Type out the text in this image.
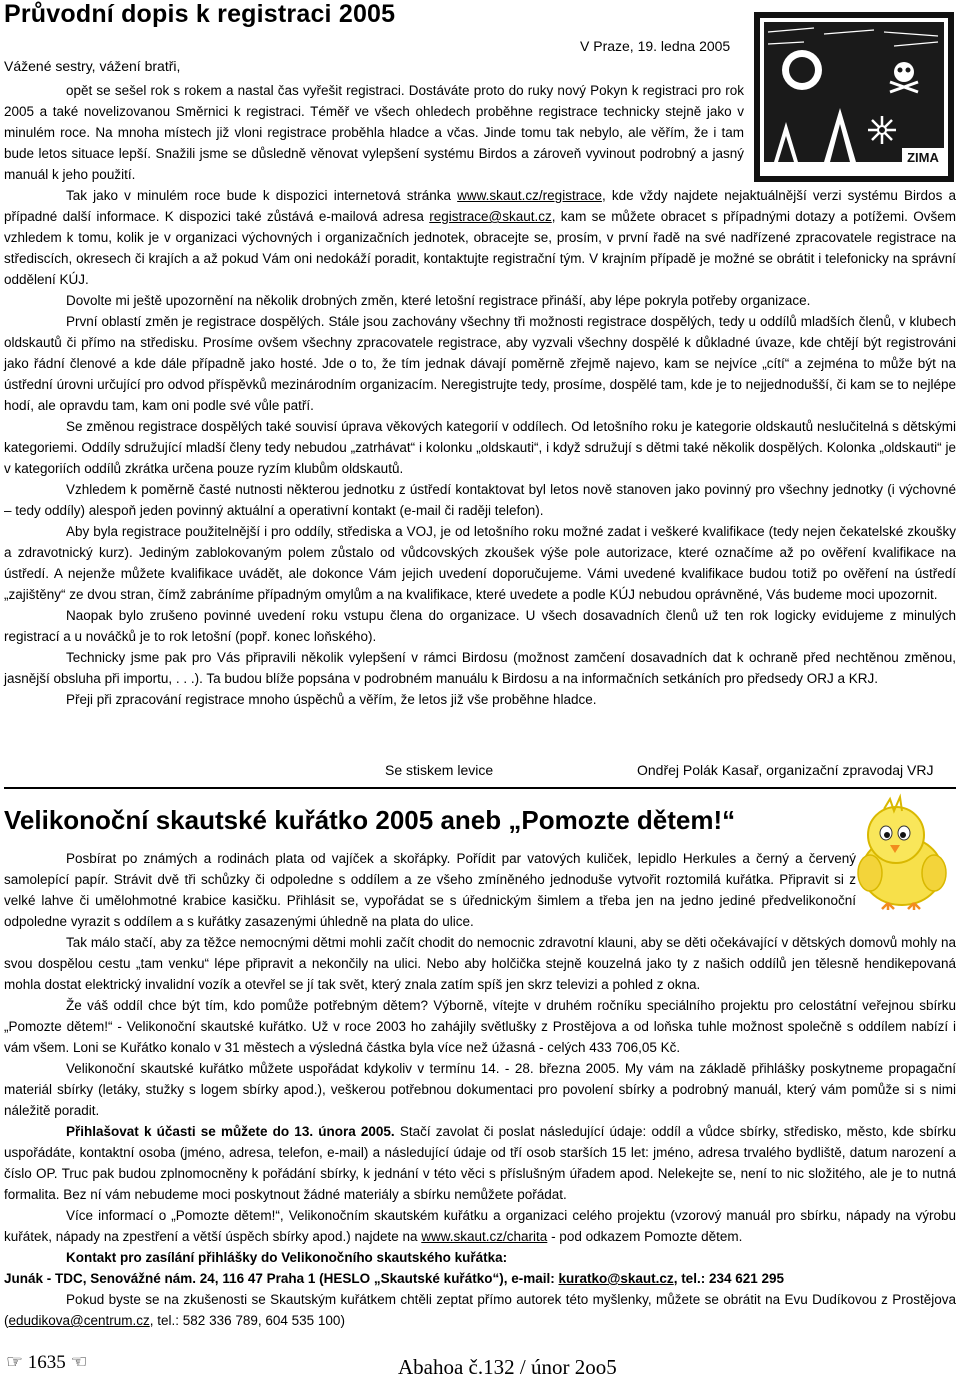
Průvodní dopis k registraci 2005
V Praze, 19. ledna 2005
Vážené sestry, vážení bratři,
ZIMA

opět se sešel rok s rokem a nastal čas vyřešit registraci. Dostáváte proto do ruky nový Pokyn k registraci pro rok 2005 a také novelizovanou Směrnici k registraci. Téměř ve všech ohledech proběhne registrace technicky stejně jako v minulém roce. Na mnoha místech již vloni registrace proběhla hladce a včas. Jinde tomu tak nebylo, ale věřím, že i tam bude letos situace lepší. Snažili jsme se důsledně věnovat vylepšení systému Birdos a zároveň vyvinout podrobný a jasný manuál k jeho použití.

Tak jako v minulém roce bude k dispozici internetová stránka www.skaut.cz/registrace, kde vždy najdete nejaktuálnější verzi systému Birdos a případné další informace. K dispozici také zůstává e-mailová adresa registrace@skaut.cz, kam se můžete obracet s případnými dotazy a potížemi. Ovšem vzhledem k tomu, kolik je v organizaci výchovných i organizačních jednotek, obracejte se, prosím, v první řadě na své nadřízené zpracovatele registrace na střediscích, okresech či krajích a až pokud Vám oni nedokáží poradit, kontaktujte registrační tým. V krajním případě je možné se obrátit i telefonicky na správní oddělení KÚJ.

Dovolte mi ještě upozornění na několik drobných změn, které letošní registrace přináší, aby lépe pokryla potřeby organizace.

První oblastí změn je registrace dospělých. Stále jsou zachovány všechny tři možnosti registrace dospělých, tedy u oddílů mladších členů, v klubech oldskautů či přímo na středisku. Prosíme ovšem všechny zpracovatele registrace, aby vyzvali všechny dospělé k důkladné úvaze, kde chtějí být registrováni jako řádní členové a kde dále případně jako hosté. Jde o to, že tím jednak dávají poměrně zřejmě najevo, kam se nejvíce „cítí“ a zejména to může být na ústřední úrovni určující pro odvod příspěvků mezinárodním organizacím. Neregistrujte tedy, prosíme, dospělé tam, kde je to nejjednodušší, či kam se to nejlépe hodí, ale opravdu tam, kam oni podle své vůle patří.

Se změnou registrace dospělých také souvisí úprava věkových kategorií v oddílech. Od letošního roku je kategorie oldskautů neslučitelná s dětskými kategoriemi. Oddíly sdružující mladší členy tedy nebudou „zatrhávat“ i kolonku „oldskauti“, i když sdružují s dětmi také několik dospělých. Kolonka „oldskauti“ je v kategoriích oddílů zkrátka určena pouze ryzím klubům oldskautů.

Vzhledem k poměrně časté nutnosti některou jednotku z ústředí kontaktovat byl letos nově stanoven jako povinný pro všechny jednotky (i výchovné – tedy oddíly) alespoň jeden povinný aktuální a operativní kontakt (e-mail či raději telefon).

Aby byla registrace použitelnější i pro oddíly, střediska a VOJ, je od letošního roku možné zadat i veškeré kvalifikace (tedy nejen čekatelské zkoušky a zdravotnický kurz). Jediným zablokovaným polem zůstalo od vůdcovských zkoušek výše pole autorizace, které označíme až po ověření kvalifikace na ústředí. A nejenže můžete kvalifikace uvádět, ale dokonce Vám jejich uvedení doporučujeme. Vámi uvedené kvalifikace budou totiž po ověření na ústředí „zajištěny“ ze dvou stran, čímž zabráníme případným omylům a na kvalifikace, které uvedete a podle KÚJ nebudou oprávněné, Vás budeme moci upozornit.

Naopak bylo zrušeno povinné uvedení roku vstupu člena do organizace. U všech dosavadních členů už ten rok logicky evidujeme z minulých registrací a u nováčků je to rok letošní (popř. konec loňského).

Technicky jsme pak pro Vás připravili několik vylepšení v rámci Birdosu (možnost zamčení dosavadních dat k ochraně před nechtěnou změnou, jasnější obsluha při importu, . . .). Ta budou blíže popsána v podrobném manuálu k Birdosu a na informačních setkáních pro předsedy ORJ a KRJ.

Přeji při zpracování registrace mnoho úspěchů a věřím, že letos již vše proběhne hladce.

Se stiskem levice	Ondřej Polák Kasař, organizační zpravodaj VRJ
Velikonoční skautské kuřátko 2005 aneb „Pomozte dětem!“

Posbírat po známých a rodinách plata od vajíček a skořápky. Pořídit par vatových kuliček, lepidlo Herkules a černý a červený samolepící papír. Strávit dvě tři schůzky či odpoledne s oddílem a ze všeho zmíněného jednoduše vytvořit roztomilá kuřátka. Připravit si z velké lahve či umělohmotné krabice kasičku. Přihlásit se, vypořádat se s úřednickým šimlem a třeba jen na jedno jediné předvelikonoční odpoledne vyrazit s oddílem a s kuřátky zasazenými úhledně na plata do ulice.

Tak málo stačí, aby za těžce nemocnými dětmi mohli začít chodit do nemocnic zdravotní klauni, aby se děti očekávající v dětských domovů mohly na svou dospělou cestu „tam venku“ lépe připravit a nekončily na ulici. Nebo aby holčička stejně kouzelná jako ty z našich oddílů jen tělesně hendikepovaná mohla dostat elektrický invalidní vozík a otevřel se jí tak svět, který znala zatím spíš jen skrz televizi a pohled z okna.

Že váš oddíl chce být tím, kdo pomůže potřebným dětem? Výborně, vítejte v druhém ročníku speciálního projektu pro celostátní veřejnou sbírku „Pomozte dětem!“ - Velikonoční skautské kuřátko. Už v roce 2003 ho zahájily světlušky z Prostějova a od loňska tuhle možnost společně s oddílem nabízí i vám všem. Loni se Kuřátko konalo v 31 městech a výsledná částka byla více než úžasná - celých 433 706,05 Kč.

Velikonoční skautské kuřátko můžete uspořádat kdykoliv v termínu 14. - 28. března 2005. My vám na základě přihlášky poskytneme propagační materiál sbírky (letáky, stužky s logem sbírky apod.), veškerou potřebnou dokumentaci pro povolení sbírky a podrobný manuál, který vám pomůže si s nimi náležitě poradit.

Přihlašovat k účasti se můžete do 13. února 2005. Stačí zavolat či poslat následující údaje: oddíl a vůdce sbírky, středisko, město, kde sbírku uspořádáte, kontaktní osoba (jméno, adresa, telefon, e-mail) a následující údaje od tří osob starších 15 let: jméno, adresa trvalého bydliště, datum narození a číslo OP. Truc pak budou zplnomocněny k pořádání sbírky, k jednání v této věci s příslušným úřadem apod. Nelekejte se, není to nic složitého, ale je to nutná formalita. Bez ní vám nebudeme moci poskytnout žádné materiály a sbírku nemůžete pořádat.

Více informací o „Pomozte dětem!“, Velikonočním skautském kuřátku a organizaci celého projektu (vzorový manuál pro sbírku, nápady na výrobu kuřátek, nápady na zpestření a větší úspěch sbírky apod.) najdete na www.skaut.cz/charita - pod odkazem Pomozte dětem.

Kontakt pro zasílání přihlášky do Velikonočního skautského kuřátka:

Junák - TDC, Senovážné nám. 24, 116 47 Praha 1 (HESLO „Skautské kuřátko“), e-mail: kuratko@skaut.cz, tel.: 234 621 295

Pokud byste se na zkušenosti se Skautským kuřátkem chtěli zeptat přímo autorek této myšlenky, můžete se obrátit na Evu Dudíkovou z Prostějova (edudikova@centrum.cz, tel.: 582 336 789, 604 535 100)

☞ 1635 ☜	Abahoa č.132 / únor 2oo5
